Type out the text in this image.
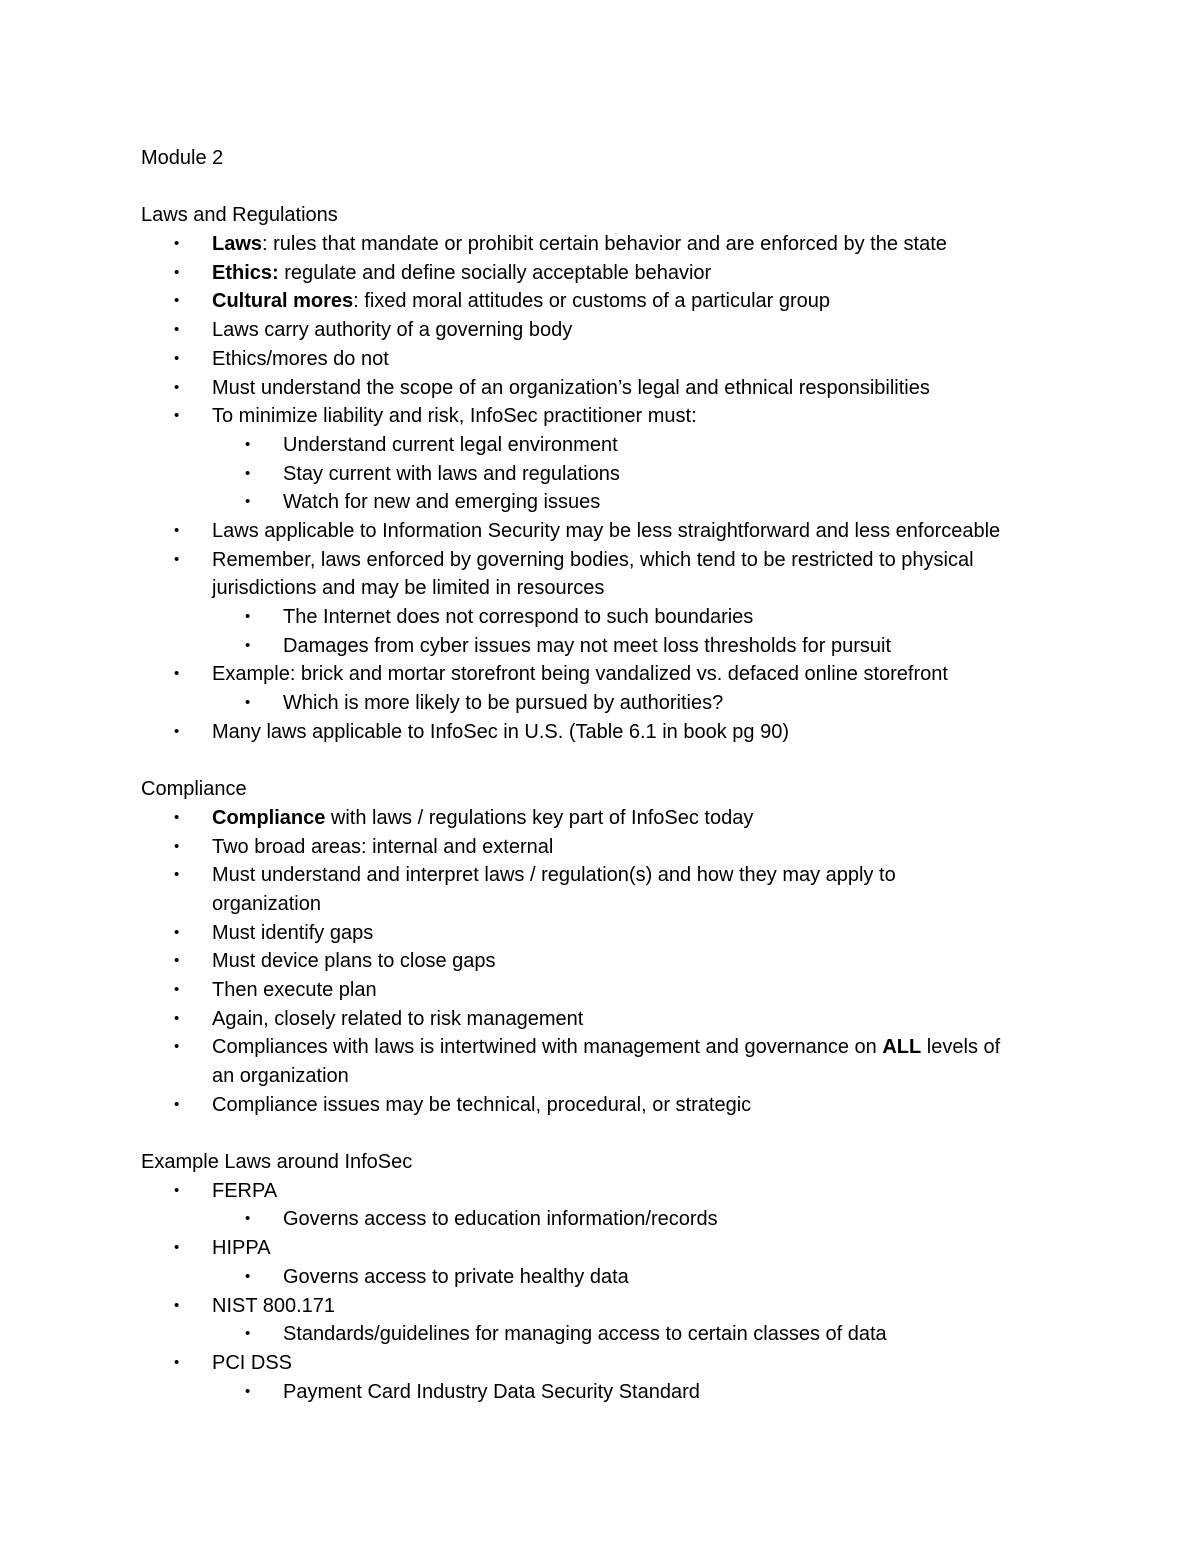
Module 2
Laws and Regulations
• Laws: rules that mandate or prohibit certain behavior and are enforced by the state
• Ethics: regulate and define socially acceptable behavior
• Cultural mores: fixed moral attitudes or customs of a particular group
• Laws carry authority of a governing body
• Ethics/mores do not
• Must understand the scope of an organization’s legal and ethnical responsibilities
• To minimize liability and risk, InfoSec practitioner must:
• Understand current legal environment
• Stay current with laws and regulations
• Watch for new and emerging issues
• Laws applicable to Information Security may be less straightforward and less enforceable
• Remember, laws enforced by governing bodies, which tend to be restricted to physical
jurisdictions and may be limited in resources
• The Internet does not correspond to such boundaries
• Damages from cyber issues may not meet loss thresholds for pursuit
• Example: brick and mortar storefront being vandalized vs. defaced online storefront
• Which is more likely to be pursued by authorities?
• Many laws applicable to InfoSec in U.S. (Table 6.1 in book pg 90)
Compliance
• Compliance with laws / regulations key part of InfoSec today
• Two broad areas: internal and external
• Must understand and interpret laws / regulation(s) and how they may apply to
organization
• Must identify gaps
• Must device plans to close gaps
• Then execute plan
• Again, closely related to risk management
• Compliances with laws is intertwined with management and governance on ALL levels of
an organization
• Compliance issues may be technical, procedural, or strategic
Example Laws around InfoSec
• FERPA
• Governs access to education information/records
• HIPPA
• Governs access to private healthy data
• NIST 800.171
• Standards/guidelines for managing access to certain classes of data
• PCI DSS
• Payment Card Industry Data Security Standard
